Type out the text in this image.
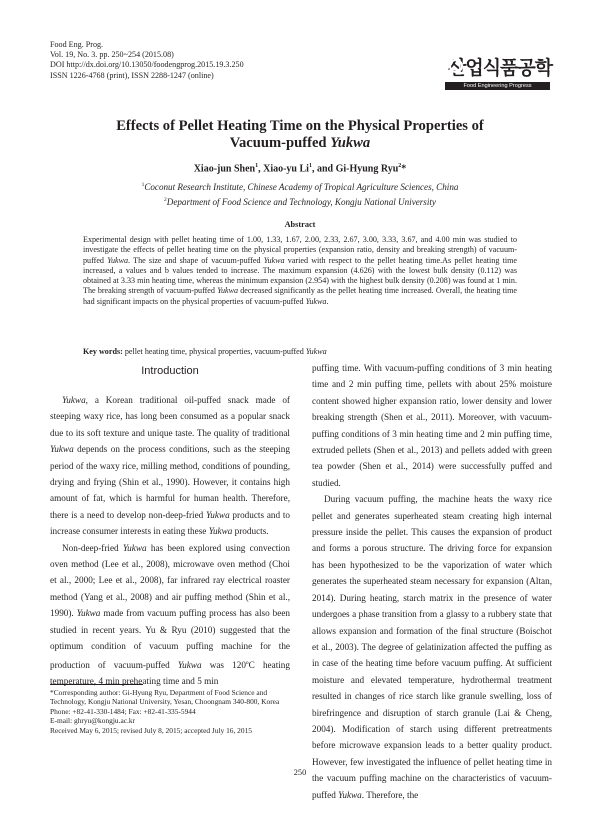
Food Eng. Prog.
Vol. 19, No. 3. pp. 250~254 (2015.08)
DOI http://dx.doi.org/10.13050/foodengprog.2015.19.3.250
ISSN 1226-4768 (print), ISSN 2288-1247 (online)	산업식품공학
Food Engineering Progress
Effects of Pellet Heating Time on the Physical Properties of
Vacuum-puffed Yukwa
Xiao-jun Shen$^1$, Xiao-yu Li$^1$, and Gi-Hyung Ryu$^2$*
$^1$Coconut Research Institute, Chinese Academy of Tropical Agriculture Sciences, China
$^2$Department of Food Science and Technology, Kongju National University
Abstract
Experimental design with pellet heating time of 1.00, 1.33, 1.67, 2.00, 2.33, 2.67, 3.00, 3.33, 3.67, and 4.00 min was studied to investigate the effects of pellet heating time on the physical properties (expansion ratio, density and breaking strength) of vacuum-puffed Yukwa. The size and shape of vacuum-puffed Yukwa varied with respect to the pellet heating time.As pellet heating time increased, a values and b values tended to increase. The maximum expansion (4.626) with the lowest bulk density (0.112) was obtained at 3.33 min heating time, whereas the minimum expansion (2.954) with the highest bulk density (0.208) was found at 1 min. The breaking strength of vacuum-puffed Yukwa decreased significantly as the pellet heating time increased. Overall, the heating time had significant impacts on the physical properties of vacuum-puffed Yukwa.
Key words: pellet heating time, physical properties, vacuum-puffed Yukwa
Introduction

Yukwa, a Korean traditional oil-puffed snack made of steeping waxy rice, has long been consumed as a popular snack due to its soft texture and unique taste. The quality of traditional Yukwa depends on the process conditions, such as the steeping period of the waxy rice, milling method, conditions of pounding, drying and frying (Shin et al., 1990). However, it contains high amount of fat, which is harmful for human health. Therefore, there is a need to develop non-deep-fried Yukwa products and to increase consumer interests in eating these Yukwa products.

Non-deep-fried Yukwa has been explored using convection oven method (Lee et al., 2008), microwave oven method (Choi et al., 2000; Lee et al., 2008), far infrared ray electrical roaster method (Yang et al., 2008) and air puffing method (Shin et al., 1990). Yukwa made from vacuum puffing process has also been studied in recent years. Yu & Ryu (2010) suggested that the optimum condition of vacuum puffing machine for the production of vacuum-puffed Yukwa was 120$^o$C heating temperature, 4 min preheating time and 5 min

puffing time. With vacuum-puffing conditions of 3 min heating time and 2 min puffing time, pellets with about 25% moisture content showed higher expansion ratio, lower density and lower breaking strength (Shen et al., 2011). Moreover, with vacuum-puffing conditions of 3 min heating time and 2 min puffing time, extruded pellets (Shen et al., 2013) and pellets added with green tea powder (Shen et al., 2014) were successfully puffed and studied.

During vacuum puffing, the machine heats the waxy rice pellet and generates superheated steam creating high internal pressure inside the pellet. This causes the expansion of product and forms a porous structure. The driving force for expansion has been hypothesized to be the vaporization of water which generates the superheated steam necessary for expansion (Altan, 2014). During heating, starch matrix in the presence of water undergoes a phase transition from a glassy to a rubbery state that allows expansion and formation of the final structure (Boischot et al., 2003). The degree of gelatinization affected the puffing as in case of the heating time before vacuum puffing. At sufficient moisture and elevated temperature, hydrothermal treatment resulted in changes of rice starch like granule swelling, loss of birefringence and disruption of starch granule (Lai & Cheng, 2004). Modification of starch using different pretreatments before microwave expansion leads to a better quality product. However, few investigated the influence of pellet heating time in the vacuum puffing machine on the characteristics of vacuum-puffed Yukwa. Therefore, the

*Corresponding author: Gi-Hyung Ryu, Department of Food Science and Technology, Kongju National University, Yesan, Choongnam 340-800, Korea
Phone: +82-41-330-1484; Fax: +82-41-335-5944
E-mail: ghryu@kongju.ac.kr
Received May 6, 2015; revised July 8, 2015; accepted July 16, 2015
250
